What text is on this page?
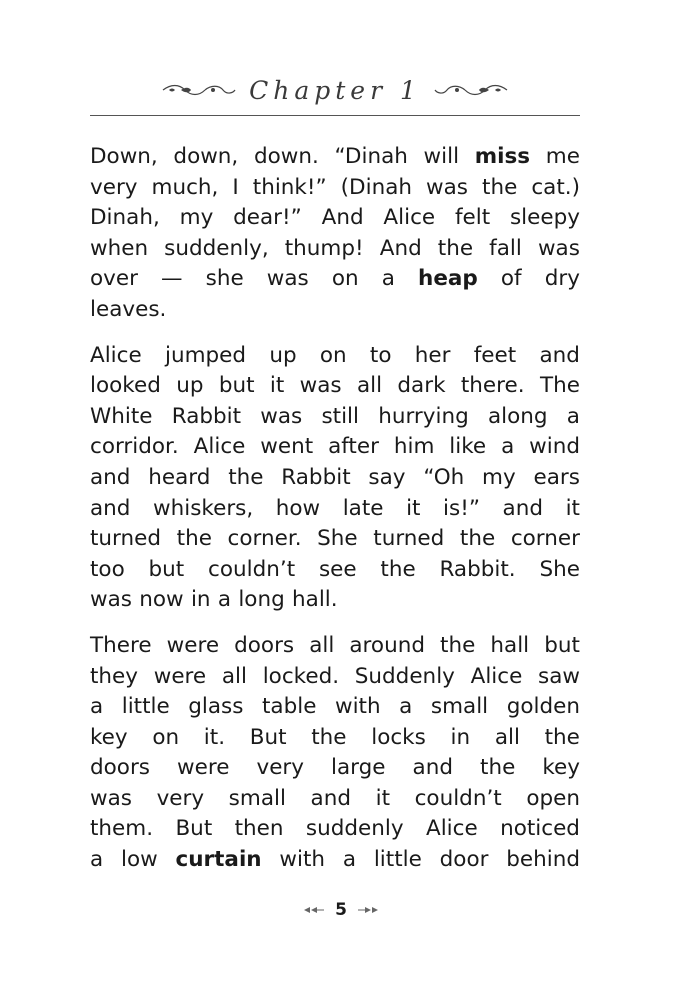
Chapter 1
Down, down, down. “Dinah will miss me
very much, I think!” (Dinah was the cat.)
Dinah, my dear!” And Alice felt sleepy
when suddenly, thump! And the fall was
over — she was on a heap of dry
leaves.
Alice jumped up on to her feet and
looked up but it was all dark there. The
White Rabbit was still hurrying along a
corridor. Alice went after him like a wind
and heard the Rabbit say “Oh my ears
and whiskers, how late it is!” and it
turned the corner. She turned the corner
too but couldn’t see the Rabbit. She
was now in a long hall.
There were doors all around the hall but
they were all locked. Suddenly Alice saw
a little glass table with a small golden
key on it. But the locks in all the
doors were very large and the key
was very small and it couldn’t open
them. But then suddenly Alice noticed
a low curtain with a little door behind
5
